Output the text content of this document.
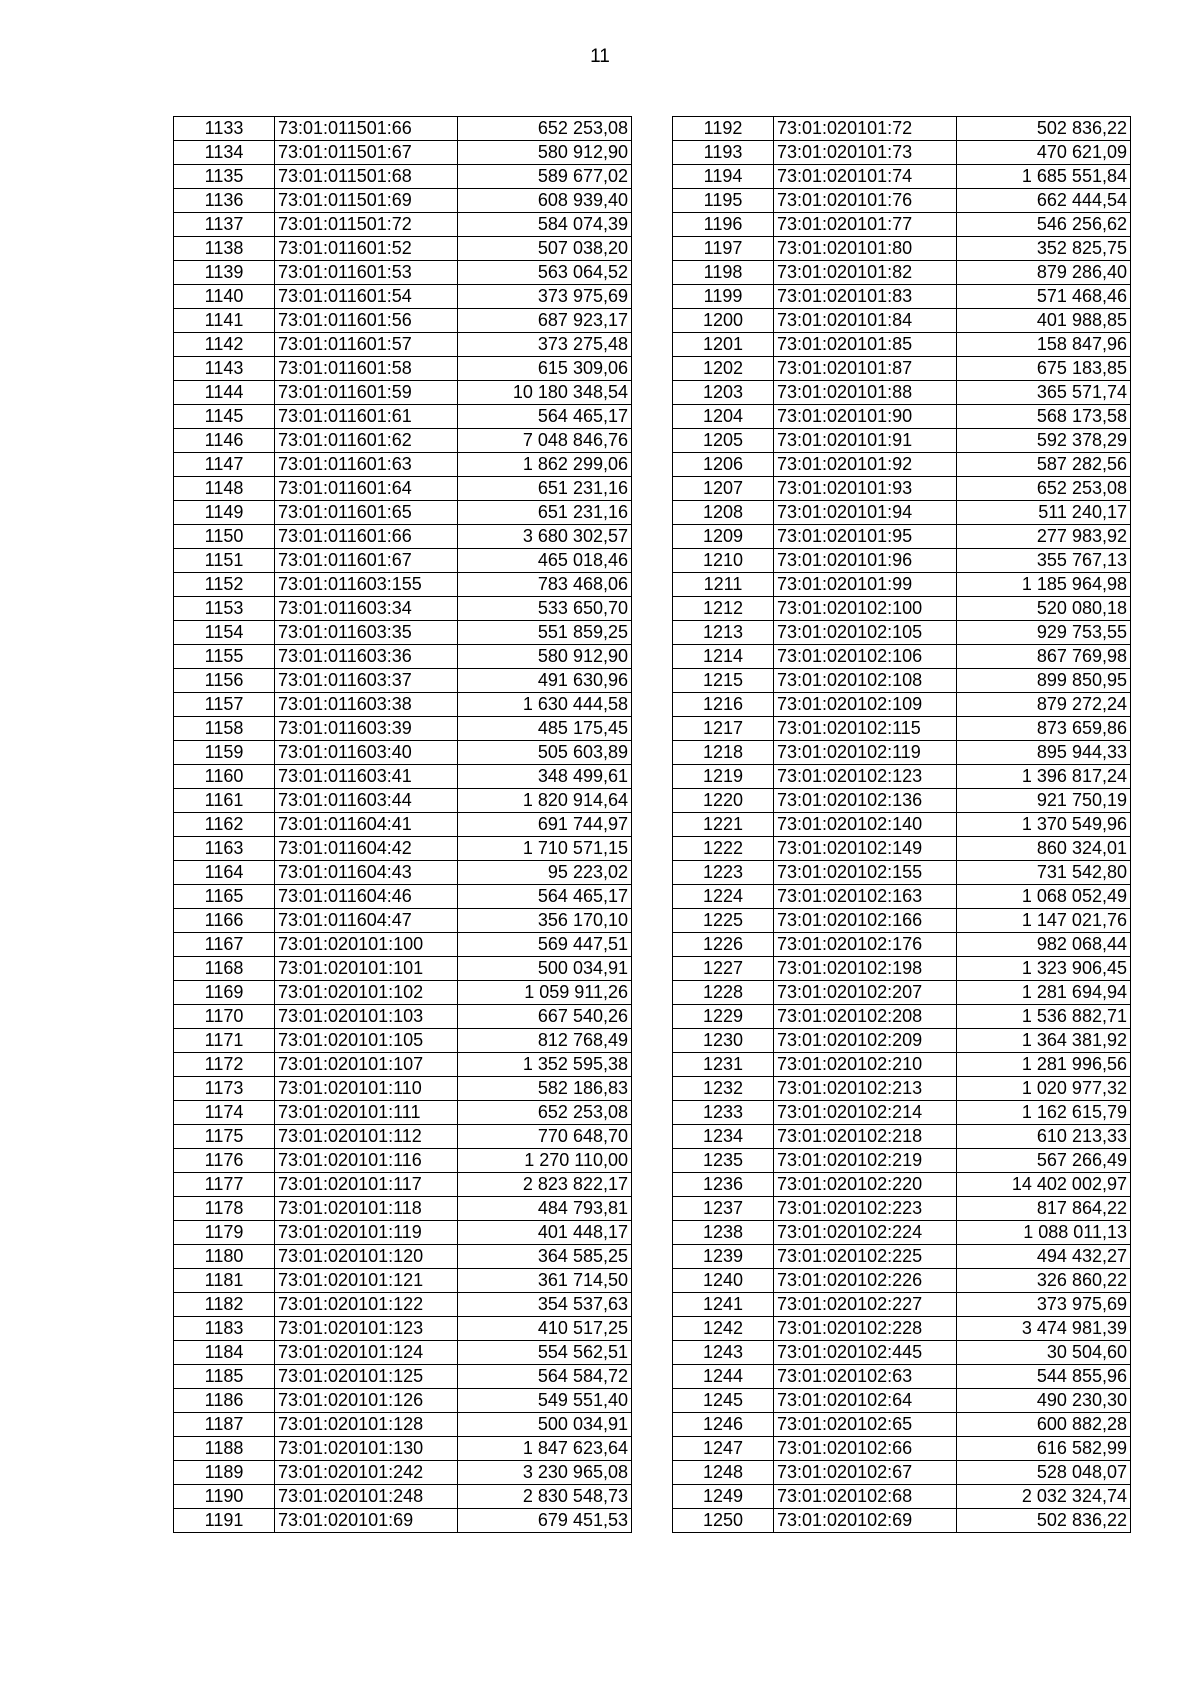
11
1133	73:01:011501:66	652 253,08
1134	73:01:011501:67	580 912,90
1135	73:01:011501:68	589 677,02
1136	73:01:011501:69	608 939,40
1137	73:01:011501:72	584 074,39
1138	73:01:011601:52	507 038,20
1139	73:01:011601:53	563 064,52
1140	73:01:011601:54	373 975,69
1141	73:01:011601:56	687 923,17
1142	73:01:011601:57	373 275,48
1143	73:01:011601:58	615 309,06
1144	73:01:011601:59	10 180 348,54
1145	73:01:011601:61	564 465,17
1146	73:01:011601:62	7 048 846,76
1147	73:01:011601:63	1 862 299,06
1148	73:01:011601:64	651 231,16
1149	73:01:011601:65	651 231,16
1150	73:01:011601:66	3 680 302,57
1151	73:01:011601:67	465 018,46
1152	73:01:011603:155	783 468,06
1153	73:01:011603:34	533 650,70
1154	73:01:011603:35	551 859,25
1155	73:01:011603:36	580 912,90
1156	73:01:011603:37	491 630,96
1157	73:01:011603:38	1 630 444,58
1158	73:01:011603:39	485 175,45
1159	73:01:011603:40	505 603,89
1160	73:01:011603:41	348 499,61
1161	73:01:011603:44	1 820 914,64
1162	73:01:011604:41	691 744,97
1163	73:01:011604:42	1 710 571,15
1164	73:01:011604:43	95 223,02
1165	73:01:011604:46	564 465,17
1166	73:01:011604:47	356 170,10
1167	73:01:020101:100	569 447,51
1168	73:01:020101:101	500 034,91
1169	73:01:020101:102	1 059 911,26
1170	73:01:020101:103	667 540,26
1171	73:01:020101:105	812 768,49
1172	73:01:020101:107	1 352 595,38
1173	73:01:020101:110	582 186,83
1174	73:01:020101:111	652 253,08
1175	73:01:020101:112	770 648,70
1176	73:01:020101:116	1 270 110,00
1177	73:01:020101:117	2 823 822,17
1178	73:01:020101:118	484 793,81
1179	73:01:020101:119	401 448,17
1180	73:01:020101:120	364 585,25
1181	73:01:020101:121	361 714,50
1182	73:01:020101:122	354 537,63
1183	73:01:020101:123	410 517,25
1184	73:01:020101:124	554 562,51
1185	73:01:020101:125	564 584,72
1186	73:01:020101:126	549 551,40
1187	73:01:020101:128	500 034,91
1188	73:01:020101:130	1 847 623,64
1189	73:01:020101:242	3 230 965,08
1190	73:01:020101:248	2 830 548,73
1191	73:01:020101:69	679 451,53
1192	73:01:020101:72	502 836,22
1193	73:01:020101:73	470 621,09
1194	73:01:020101:74	1 685 551,84
1195	73:01:020101:76	662 444,54
1196	73:01:020101:77	546 256,62
1197	73:01:020101:80	352 825,75
1198	73:01:020101:82	879 286,40
1199	73:01:020101:83	571 468,46
1200	73:01:020101:84	401 988,85
1201	73:01:020101:85	158 847,96
1202	73:01:020101:87	675 183,85
1203	73:01:020101:88	365 571,74
1204	73:01:020101:90	568 173,58
1205	73:01:020101:91	592 378,29
1206	73:01:020101:92	587 282,56
1207	73:01:020101:93	652 253,08
1208	73:01:020101:94	511 240,17
1209	73:01:020101:95	277 983,92
1210	73:01:020101:96	355 767,13
1211	73:01:020101:99	1 185 964,98
1212	73:01:020102:100	520 080,18
1213	73:01:020102:105	929 753,55
1214	73:01:020102:106	867 769,98
1215	73:01:020102:108	899 850,95
1216	73:01:020102:109	879 272,24
1217	73:01:020102:115	873 659,86
1218	73:01:020102:119	895 944,33
1219	73:01:020102:123	1 396 817,24
1220	73:01:020102:136	921 750,19
1221	73:01:020102:140	1 370 549,96
1222	73:01:020102:149	860 324,01
1223	73:01:020102:155	731 542,80
1224	73:01:020102:163	1 068 052,49
1225	73:01:020102:166	1 147 021,76
1226	73:01:020102:176	982 068,44
1227	73:01:020102:198	1 323 906,45
1228	73:01:020102:207	1 281 694,94
1229	73:01:020102:208	1 536 882,71
1230	73:01:020102:209	1 364 381,92
1231	73:01:020102:210	1 281 996,56
1232	73:01:020102:213	1 020 977,32
1233	73:01:020102:214	1 162 615,79
1234	73:01:020102:218	610 213,33
1235	73:01:020102:219	567 266,49
1236	73:01:020102:220	14 402 002,97
1237	73:01:020102:223	817 864,22
1238	73:01:020102:224	1 088 011,13
1239	73:01:020102:225	494 432,27
1240	73:01:020102:226	326 860,22
1241	73:01:020102:227	373 975,69
1242	73:01:020102:228	3 474 981,39
1243	73:01:020102:445	30 504,60
1244	73:01:020102:63	544 855,96
1245	73:01:020102:64	490 230,30
1246	73:01:020102:65	600 882,28
1247	73:01:020102:66	616 582,99
1248	73:01:020102:67	528 048,07
1249	73:01:020102:68	2 032 324,74
1250	73:01:020102:69	502 836,22
